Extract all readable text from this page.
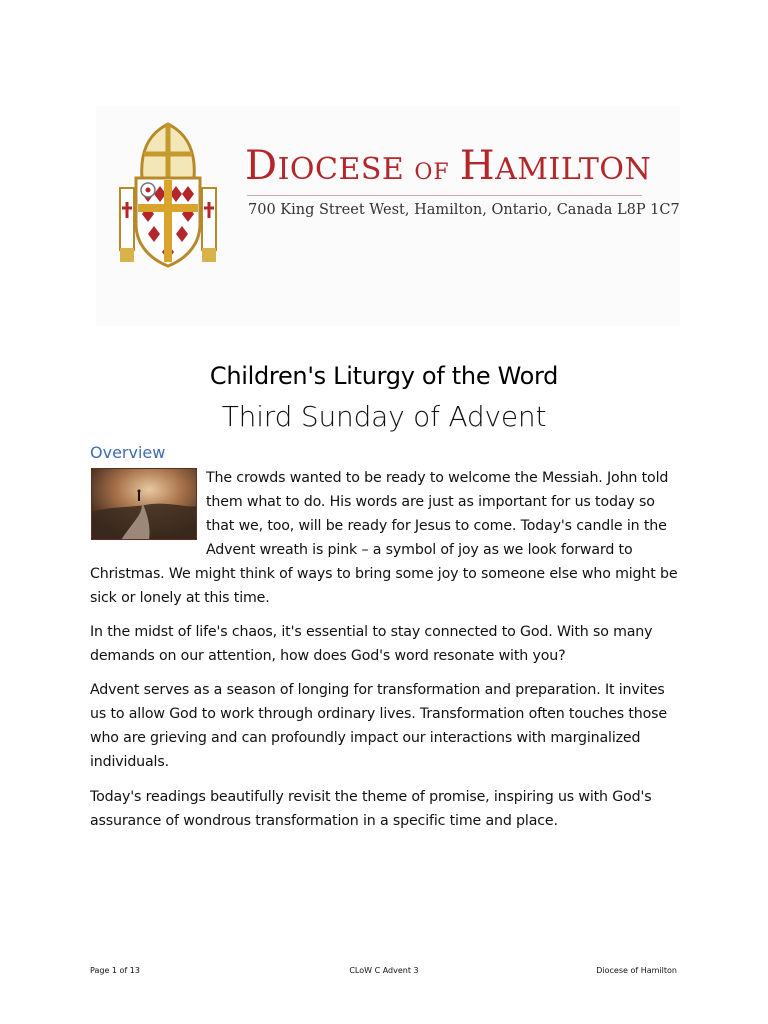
DIOCESE OF HAMILTON
700 King Street West, Hamilton, Ontario, Canada L8P 1C7
Children's Liturgy of the Word
Third Sunday of Advent
Overview

The crowds wanted to be ready to welcome the Messiah. John told them what to do. His words are just as important for us today so that we, too, will be ready for Jesus to come. Today's candle in the Advent wreath is pink – a symbol of joy as we look forward to Christmas. We might think of ways to bring some joy to someone else who might be sick or lonely at this time.

In the midst of life's chaos, it's essential to stay connected to God. With so many demands on our attention, how does God's word resonate with you?

Advent serves as a season of longing for transformation and preparation. It invites us to allow God to work through ordinary lives. Transformation often touches those who are grieving and can profoundly impact our interactions with marginalized individuals.

Today's readings beautifully revisit the theme of promise, inspiring us with God's assurance of wondrous transformation in a specific time and place.

Page 1 of 13	CLoW C Advent 3	Diocese of Hamilton
